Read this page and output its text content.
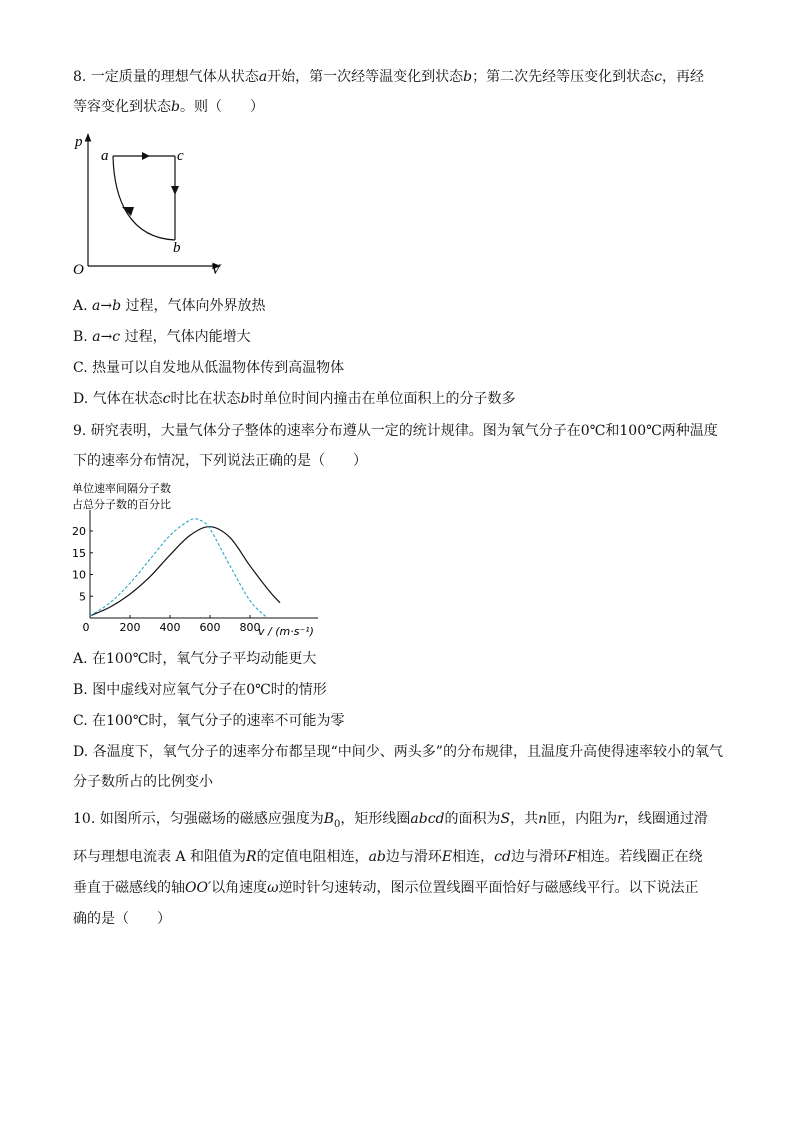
8. 一定质量的理想气体从状态a开始，第一次经等温变化到状态b；第二次先经等压变化到状态c，再经
等容变化到状态b。则（　　）
p
V
O
a	c
b
A. a→b 过程，气体向外界放热
B. a→c 过程，气体内能增大
C. 热量可以自发地从低温物体传到高温物体
D. 气体在状态c时比在状态b时单位时间内撞击在单位面积上的分子数多
9. 研究表明，大量气体分子整体的速率分布遵从一定的统计规律。图为氧气分子在0℃和100℃两种温度
下的速率分布情况，下列说法正确的是（　　）
单位速率间隔分子数
占总分子数的百分比
5
10
15
20
0	200 400 600 800
v / (m·s⁻¹)
A. 在100℃时，氧气分子平均动能更大
B. 图中虚线对应氧气分子在0℃时的情形
C. 在100℃时，氧气分子的速率不可能为零
D. 各温度下，氧气分子的速率分布都呈现“中间少、两头多”的分布规律，且温度升高使得速率较小的氧气
分子数所占的比例变小
10. 如图所示，匀强磁场的磁感应强度为$B_0$，矩形线圈abcd的面积为S，共n匝，内阻为r，线圈通过滑
环与理想电流表 A 和阻值为R的定值电阻相连，ab边与滑环E相连，cd边与滑环F相连。若线圈正在绕
垂直于磁感线的轴OO′以角速度ω逆时针匀速转动，图示位置线圈平面恰好与磁感线平行。以下说法正
确的是（　　）
